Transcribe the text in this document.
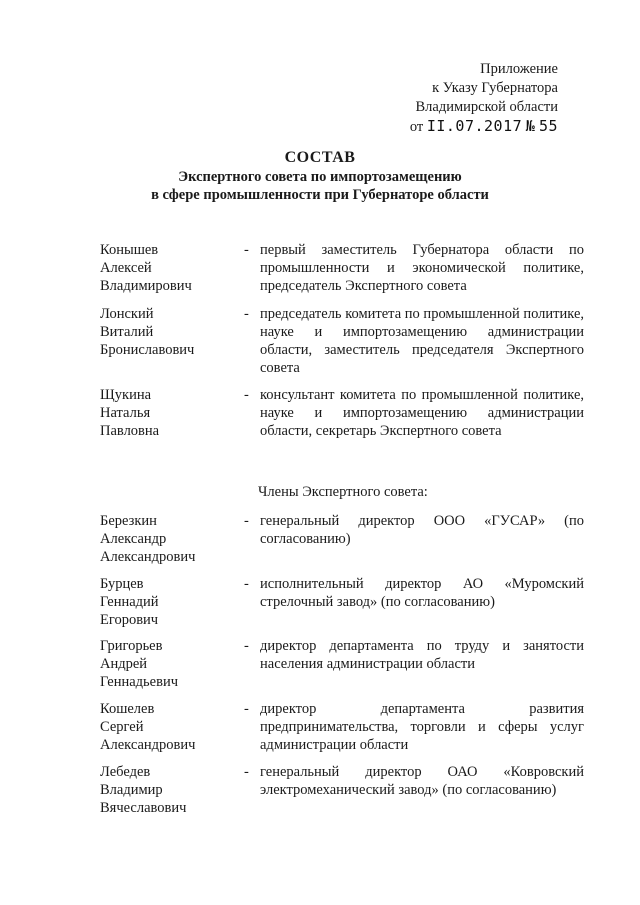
Приложение
к Указу Губернатора
Владимирской области
от II.07.2017 № 55
СОСТАВ
Экспертного совета по импортозамещению
в сфере промышленности при Губернаторе области
Конышев
Алексей
Владимирович
- первый заместитель Губернатора области по промышленности и экономической политике, председатель Экспертного совета
Лонский
Виталий
Брониславович
- председатель комитета по промышленной политике, науке и импортозамещению администрации области, заместитель председателя Экспертного совета
Щукина
Наталья
Павловна
- консультант комитета по промышленной политике, науке и импортозамещению администрации области, секретарь Экспертного совета
Члены Экспертного совета:
Березкин
Александр
Александрович
- генеральный директор ООО «ГУСАР» (по согласованию)
Бурцев
Геннадий
Егорович
- исполнительный директор АО «Муромский стрелочный завод» (по согласованию)
Григорьев
Андрей
Геннадьевич
- директор департамента по труду и занятости населения администрации области
Кошелев
Сергей
Александрович
- директор департамента развития предпринимательства, торговли и сферы услуг администрации области
Лебедев
Владимир
Вячеславович
- генеральный директор ОАО «Ковровский электромеханический завод» (по согласованию)
